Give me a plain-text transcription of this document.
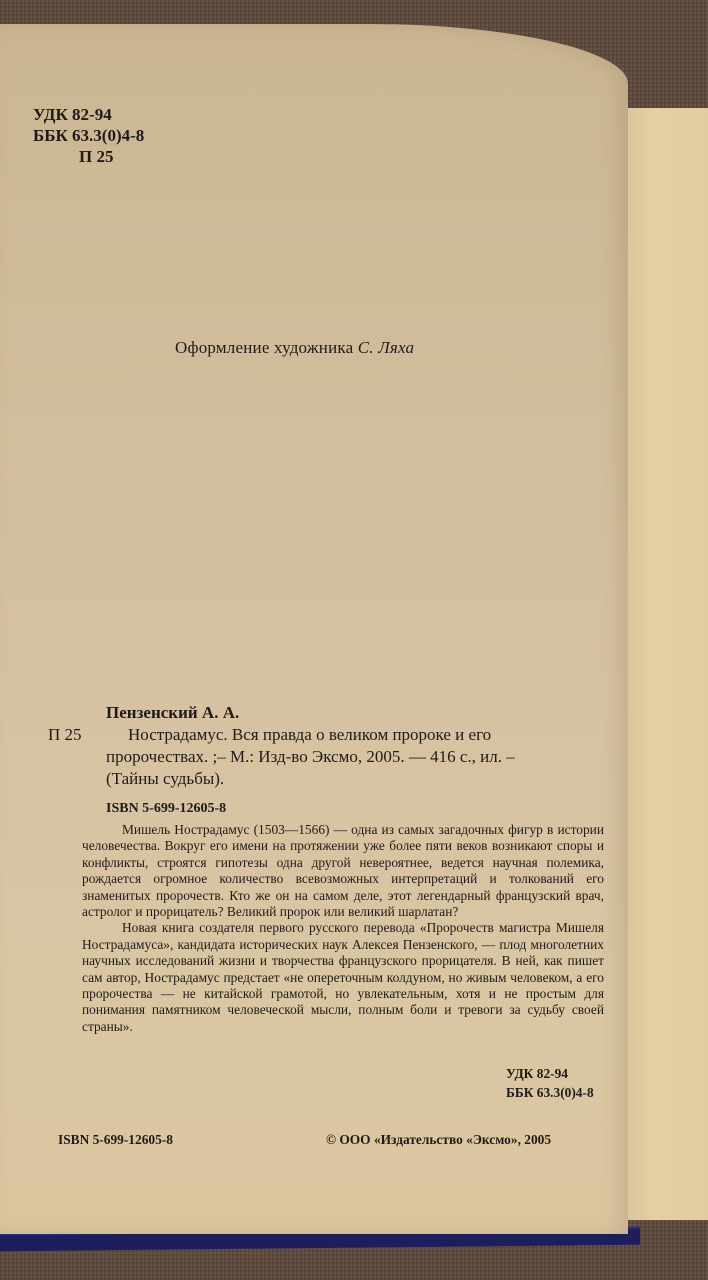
УДК 82-94
ББК 63.3(0)4-8
П 25
Оформление художника С. Ляха
Пензенский А. А.
П 25	Нострадамус. Вся правда о великом пророке и его
пророчествах. ;– М.: Изд-во Эксмо, 2005. — 416 с., ил. –
(Тайны судьбы).
ISBN 5-699-12605-8

Мишель Нострадамус (1503—1566) — одна из самых загадочных фигур в истории человечества. Вокруг его имени на протяжении уже более пяти веков возникают споры и конфликты, строятся гипотезы одна другой невероятнее, ведется научная полемика, рождается огромное количество всевозможных интерпретаций и толкований его знаменитых пророчеств. Кто же он на самом деле, этот легендарный французский врач, астролог и прорицатель? Великий пророк или великий шарлатан?

Новая книга создателя первого русского перевода «Пророчеств магистра Мишеля Нострадамуса», кандидата исторических наук Алексея Пензенского, — плод многолетних научных исследований жизни и творчества французского прорицателя. В ней, как пишет сам автор, Нострадамус предстает «не опереточным колдуном, но живым человеком, а его пророчества — не китайской грамотой, но увлекательным, хотя и не простым для понимания памятником человеческой мысли, полным боли и тревоги за судьбу своей страны».

УДК 82-94
ББК 63.3(0)4-8
ISBN 5-699-12605-8	© ООО «Издательство «Эксмо», 2005
